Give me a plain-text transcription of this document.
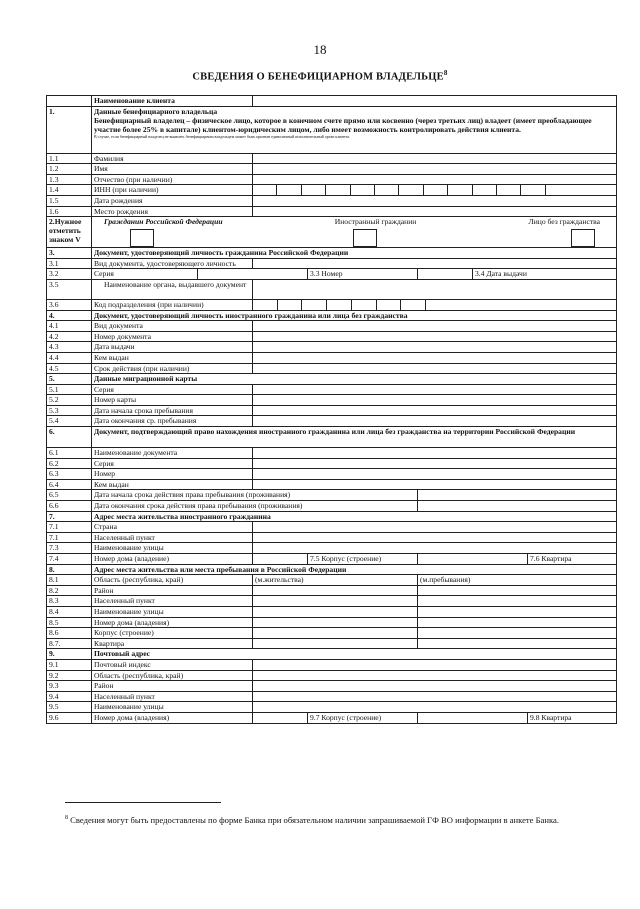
18
СВЕДЕНИЯ О БЕНЕФИЦИАРНОМ ВЛАДЕЛЬЦЕ$^8$
	Наименование клиента						
1.	Данные бенефициарного владельца
Бенефициарный владелец – физическое лицо, которое в конечном счете прямо или косвенно (через третьих лиц) владеет (имеет преобладающее участие более 25% в капитале) клиентом-юридическим лицом, либо имеет возможность контролировать действия клиента.
В случае, если бенефициарный владелец не выявлен, бенефициарным владельцем может быть признан единоличный исполнительный орган клиента.						

1.1	Фамилия						
1.2	Имя						
1.3	Отчество (при наличии)						
1.4	ИНН (при наличии)						

1.5	Дата рождения						
1.6	Место рождения						
2.Нужное отметить знаком V	Гражданин Российской Федерации Иностранный гражданин Лицо без гражданства						

3.	Документ, удостоверяющий личность гражданина Российской Федерации						
3.1	Вид документа, удостоверяющего личность						
3.2	Серия			3.3 Номер		3.4 Дата выдачи	
3.5	Наименование органа, выдавшего документ						
3.6	Код подразделения (при наличии)						

4.	Документ, удостоверяющий личность иностранного гражданина или лица без гражданства						
4.1	Вид документа						
4.2	Номер документа						
4.3	Дата выдачи						
4.4	Кем выдан						
4.5	Срок действия (при наличии)						
5.	Данные миграционной карты						
5.1	Серия						
5.2	Номер карты						
5.3	Дата начала срока пребывания						
5.4	Дата окончания ср. пребывания						
6.	Документ, подтверждающий право нахождения иностранного гражданина или лица без гражданства на территории Российской Федерации						
6.1	Наименование документа						
6.2	Серия						
6.3	Номер						
6.4	Кем выдан						
6.5	Дата начала срока действия права пребывания (проживания)						
6.6	Дата окончания срока действия права пребывания (проживания)						
7.	Адрес места жительства иностранного гражданина						
7.1	Страна						
7.1	Населенный пункт						
7.3	Наименование улицы						
7.4	Номер дома (владение)			7.5 Корпус (строение)			7.6 Квартира
8.	Адрес места жительства или места пребывания в Российской Федерации						
8.1	Область (республика, край)		(м.жительства)		(м.пребывания)		
8.2	Район						
8.3	Населенный пункт						
8.4	Наименование улицы						
8.5	Номер дома (владения)						
8.6	Корпус (строение)						
8.7.	Квартира						
9.	Почтовый адрес						
9.1	Почтовый индекс						
9.2	Область (республика, край)						
9.3	Район						
9.4	Населенный пункт						
9.5	Наименование улицы						
9.6	Номер дома (владения)			9.7 Корпус (строение)			9.8 Квартира
$^8$ Сведения могут быть предоставлены по форме Банка при обязательном наличии запрашиваемой ГФ ВО информации в анкете Банка.
